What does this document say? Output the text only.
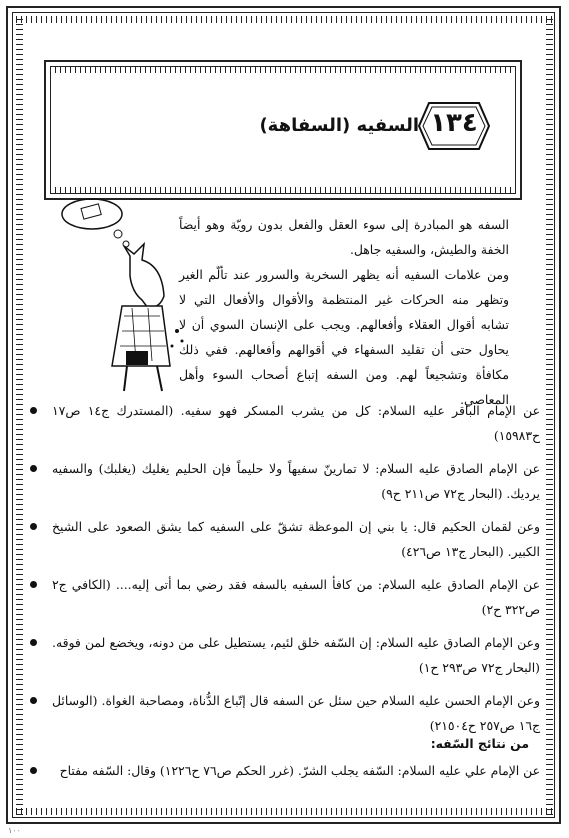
١٣٤
السفيه (السفاهة)
السفه هو المبادرة إلى سوء العقل والفعل بدون رويّة وهو أيضاً الخفة والطيش، والسفيه جاهل.
ومن علامات السفيه أنه يظهر السخرية والسرور عند تألّم الغير وتظهر منه الحركات غير المنتظمة والأقوال والأفعال التي لا تشابه أقوال العقلاء وأفعالهم. ويجب على الإنسان السوي أن لا يحاول حتى أن تقليد السفهاء في أقوالهم وأفعالهم. ففي ذلك مكافأة وتشجيعاً لهم. ومن السفه إتباع أصحاب السوء وأهل المعاصي.
عن الإمام الباقر عليه السلام: كل من يشرب المسكر فهو سفيه. (المستدرك ج١٤ ص١٧ ح١٥٩٨٣)
عن الإمام الصادق عليه السلام: لا تمارينّ سفيهاً ولا حليماً فإن الحليم يغليك (يغلبك) والسفيه يرديك. (البحار ج٧٢ ص٢١١ ح٩)
وعن لقمان الحكيم قال: يا بني إن الموعظة تشقّ على السفيه كما يشق الصعود على الشيخ الكبير. (البحار ج١٣ ص٤٢٦)
عن الإمام الصادق عليه السلام: من كافأ السفيه بالسفه فقد رضي بما أتى إليه.... (الكافي ج٢ ص٣٢٢ ح٢)
وعن الإمام الصادق عليه السلام: إن السّفه خلق لئيم، يستطيل على من دونه، ويخضع لمن فوقه. (البحار ج٧٢ ص٢٩٣ ح١)
وعن الإمام الحسن عليه السلام حين سئل عن السفه قال إتّباع الدُّناة، ومصاحبة الغواة. (الوسائل ج١٦ ص٢٥٧ ح٢١٥٠٤)
من نتائج السّفه:
عن الإمام علي عليه السلام: السّفه يجلب الشرّ. (غرر الحكم ص٧٦ ح١٢٢٦) وقال: السّفه مفتاح
١٠٠
